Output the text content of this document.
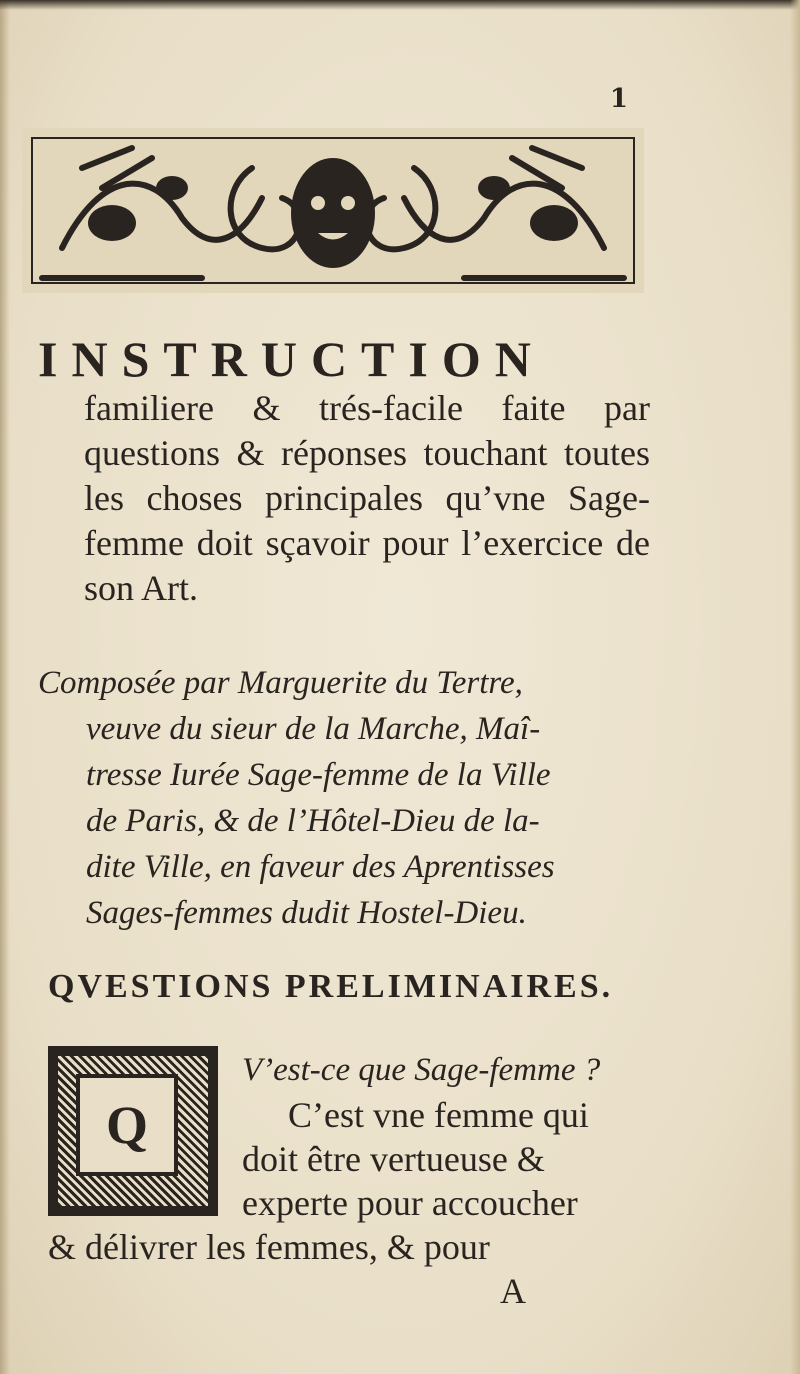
1
INSTRUCTION
familiere & trés-facile faite par questions & réponses touchant toutes les choses principales qu’vne Sage-femme doit sçavoir pour l’exercice de son Art.
Composée par Marguerite du Tertre,
veuve du sieur de la Marche, Maî-
tresse Iurée Sage-femme de la Ville
de Paris, & de l’Hôtel-Dieu de la-
dite Ville, en faveur des Aprentisses
Sages-femmes dudit Hostel-Dieu.
QVESTIONS PRELIMINAIRES.
Q
V’est-ce que Sage-femme ?
C’est vne femme qui
doit être vertueuse &
experte pour accoucher
& délivrer les femmes, & pour
A
